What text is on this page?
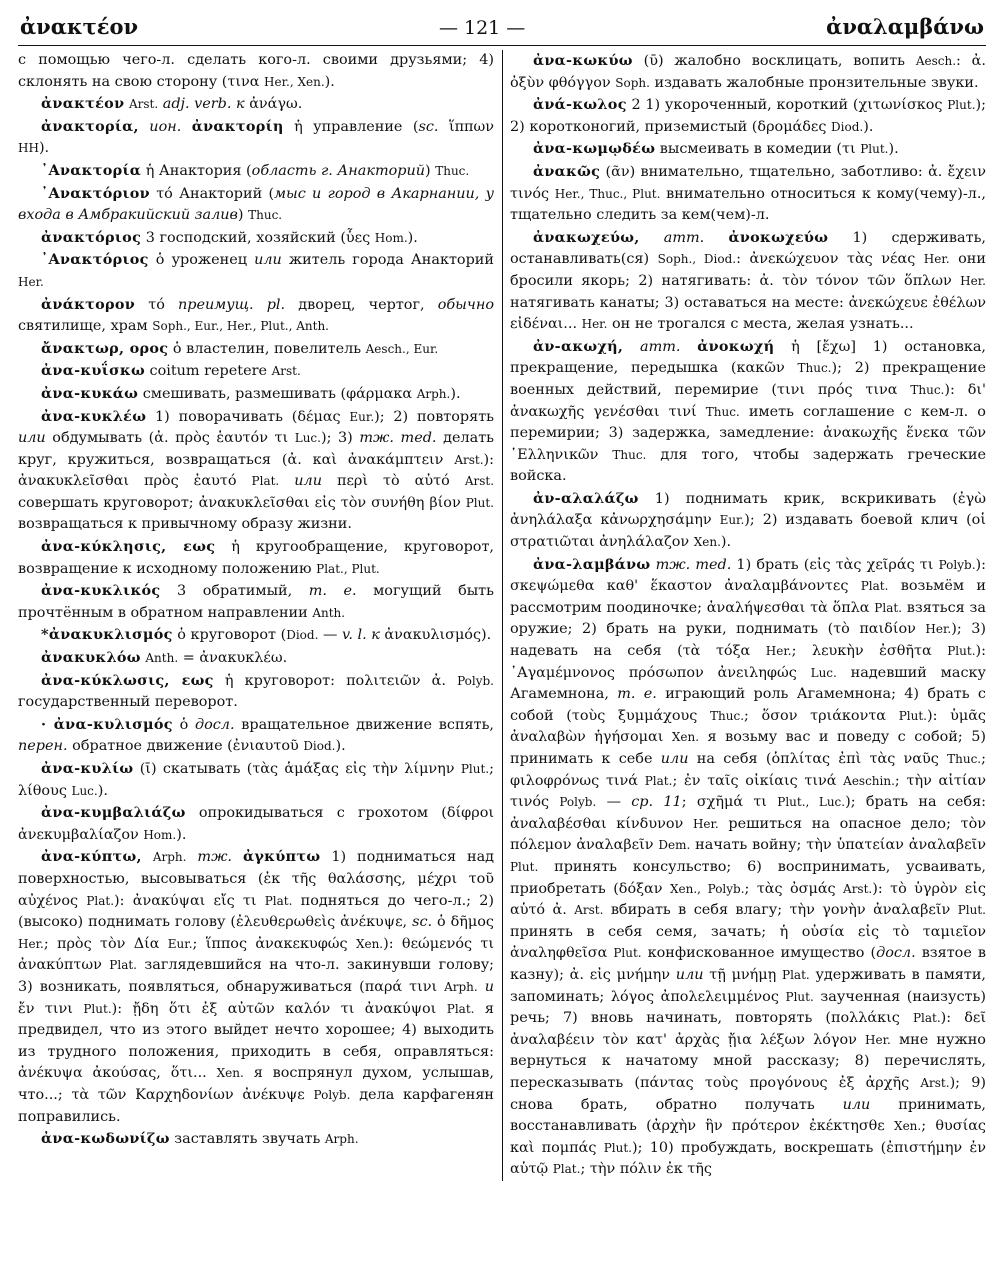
ἀνακτέον	— 121 —	ἀναλαμβάνω

с помощью чего-л. сделать кого-л. своими друзьями; 4) склонять на свою сторону (τινα Her., Xen.).

ἀνακτέον Arst. adj. verb. к ἀνάγω.

ἀνακτορία, ион. ἀνακτορίη ἡ управление (sc. ἵππων HH).

᾿Ανακτορία ἡ Анактория (область г. Анакторий) Thuc.

᾿Ανακτόριον τό Анакторий (мыс и город в Акарнании, у входа в Амбракийский залив) Thuc.

ἀνακτόριος 3 господский, хозяйский (ὗες Hom.).

᾿Ανακτόριος ὁ уроженец или житель города Анакторий Her.

ἀνάκτορον τό преимущ. pl. дворец, чертог, обычно святилище, храм Soph., Eur., Her., Plut., Anth.

ἄνακτωρ, ορος ὁ властелин, повелитель Aesch., Eur.

ἀνα-κυΐσκω coitum repetere Arst.

ἀνα-κυκάω смешивать, размешивать (φάρμακα Arph.).

ἀνα-κυκλέω 1) поворачивать (δέμας Eur.); 2) повторять или обдумывать (ἀ. πρὸς ἑαυτόν τι Luc.); 3) тж. med. делать круг, кружиться, возвращаться (ἀ. καὶ ἀνακάμπτειν Arst.): ἀνακυκλεῖσθαι πρὸς ἑαυτό Plat. или περὶ τὸ αὐτό Arst. совершать круговорот; ἀνακυκλεῖσθαι εἰς τὸν συνήθη βίον Plut. возвращаться к привычному образу жизни.

ἀνα-κύκλησις, εως ἡ кругообращение, круговорот, возвращение к исходному положению Plat., Plut.

ἀνα-κυκλικός 3 обратимый, т. е. могущий быть прочтённым в обратном направлении Anth.

*ἀνακυκλισμός ὁ круговорот (Diod. — v. l. к ἀνακυλισμός).

ἀνακυκλόω Anth. = ἀνακυκλέω.

ἀνα-κύκλωσις, εως ἡ круговорот: πολιτειῶν ἀ. Polyb. государственный переворот.

· ἀνα-κυλισμός ὁ досл. вращательное движение вспять, перен. обратное движение (ἐνιαυτοῦ Diod.).

ἀνα-κυλίω (ῑ) скатывать (τὰς ἁμάξας εἰς τὴν λίμνην Plut.; λίθους Luc.).

ἀνα-κυμβαλιάζω опрокидываться с грохотом (δίφροι ἀνεκυμβαλίαζον Hom.).

ἀνα-κύπτω, Arph. тж. ἀγκύπτω 1) подниматься над поверхностью, высовываться (ἐκ τῆς θαλάσσης, μέχρι τοῦ αὐχένος Plat.): ἀνακύψαι εἴς τι Plat. подняться до чего-л.; 2) (высоко) поднимать голову (ἐλευθερωθεὶς ἀνέκυψε, sc. ὁ δῆμος Her.; πρὸς τὸν Δία Eur.; ἵππος ἀνακεκυφώς Xen.): θεώμενός τι ἀνακύπτων Plat. заглядевшийся на что-л. закинувши голову; 3) возникать, появляться, обнаруживаться (παρά τινι Arph. и ἔν τινι Plut.): ᾔδη ὅτι ἐξ αὐτῶν καλόν τι ἀνακύψοι Plat. я предвидел, что из этого выйдет нечто хорошее; 4) выходить из трудного положения, приходить в себя, оправляться: ἀνέκυψα ἀκούσας, ὅτι... Xen. я воспрянул духом, услышав, что...; τὰ τῶν Καρχηδονίων ἀνέκυψε Polyb. дела карфагенян поправились.

ἀνα-κωδωνίζω заставлять звучать Arph.

ἀνα-κωκύω (ῡ) жалобно восклицать, вопить Aesch.: ἀ. ὀξὺν φθόγγον Soph. издавать жалобные пронзительные звуки.

ἀνά-κωλος 2 1) укороченный, короткий (χιτωνίσκος Plut.); 2) коротконогий, приземистый (δρομάδες Diod.).

ἀνα-κωμῳδέω высмеивать в комедии (τι Plut.).

ἀνακῶς (ᾶν) внимательно, тщательно, заботливо: ἀ. ἔχειν τινός Her., Thuc., Plut. внимательно относиться к кому(чему)-л., тщательно следить за кем(чем)-л.

ἀνακωχεύω, атт. ἀνοκωχεύω 1) сдерживать, останавливать(ся) Soph., Diod.: ἀνεκώχευον τὰς νέας Her. они бросили якорь; 2) натягивать: ἀ. τὸν τόνον τῶν ὅπλων Her. натягивать канаты; 3) оставаться на месте: ἀνεκώχευε ἐθέλων εἰδέναι... Her. он не трогался с места, желая узнать...

ἀν-ακωχή, атт. ἀνοκωχή ἡ [ἔχω] 1) остановка, прекращение, передышка (κακῶν Thuc.); 2) прекращение военных действий, перемирие (τινι πρός τινα Thuc.): δι' ἀνακωχῆς γενέσθαι τινί Thuc. иметь соглашение с кем-л. о перемирии; 3) задержка, замедление: ἀνακωχῆς ἕνεκα τῶν ῾Ελληνικῶν Thuc. для того, чтобы задержать греческие войска.

ἀν-αλαλάζω 1) поднимать крик, вскрикивать (ἐγὼ ἀνηλάλαξα κἀνωρχησάμην Eur.); 2) издавать боевой клич (οἱ στρατιῶται ἀνηλάλαζον Xen.).

ἀνα-λαμβάνω тж. med. 1) брать (εἰς τὰς χεῖράς τι Polyb.): σκεψώμεθα καθ' ἕκαστον ἀναλαμβάνοντες Plat. возьмём и рассмотрим поодиночке; ἀναλήψεσθαι τὰ ὅπλα Plat. взяться за оружие; 2) брать на руки, поднимать (τὸ παιδίον Her.); 3) надевать на себя (τὰ τόξα Her.; λευκὴν ἐσθῆτα Plut.): ᾿Αγαμέμνονος πρόσωπον ἀνειληφώς Luc. надевший маску Агамемнона, т. е. играющий роль Агамемнона; 4) брать с собой (τοὺς ξυμμάχους Thuc.; ὅσον τριάκοντα Plut.): ὑμᾶς ἀναλαβὼν ἡγήσομαι Xen. я возьму вас и поведу с собой; 5) принимать к себе или на себя (ὁπλίτας ἐπὶ τὰς ναῦς Thuc.; φιλοφρόνως τινά Plat.; ἐν ταῖς οἰκίαις τινά Aeschin.; τὴν αἰτίαν τινός Polyb. — ср. 11; σχῆμά τι Plut., Luc.); брать на себя: ἀναλαβέσθαι κίνδυνον Her. решиться на опасное дело; τὸν πόλεμον ἀναλαβεῖν Dem. начать войну; τὴν ὑπατείαν ἀναλαβεῖν Plut. принять консульство; 6) воспринимать, усваивать, приобретать (δόξαν Xen., Polyb.; τὰς ὀσμάς Arst.): τὸ ὑγρὸν εἰς αὑτό ἀ. Arst. вбирать в себя влагу; τὴν γονὴν ἀναλαβεῖν Plut. принять в себя семя, зачать; ἡ οὐσία εἰς τὸ ταμιεῖον ἀναληφθεῖσα Plut. конфискованное имущество (досл. взятое в казну); ἀ. εἰς μνήμην или τῇ μνήμῃ Plat. удерживать в памяти, запоминать; λόγος ἀπολελειμμένος Plut. заученная (наизусть) речь; 7) вновь начинать, повторять (πολλάκις Plat.): δεῖ ἀναλαβέειν τὸν κατ' ἀρχὰς ᾔια λέξων λόγον Her. мне нужно вернуться к начатому мной рассказу; 8) перечислять, пересказывать (πάντας τοὺς προγόνους ἐξ ἀρχῆς Arst.); 9) снова брать, обратно получать или принимать, восстанавливать (ἀρχὴν ἣν πρότερον ἐκέκτησθε Xen.; θυσίας καὶ πομπάς Plut.); 10) пробуждать, воскрешать (ἐπιστήμην ἐν αὑτῷ Plat.; τὴν πόλιν ἐκ τῆς
